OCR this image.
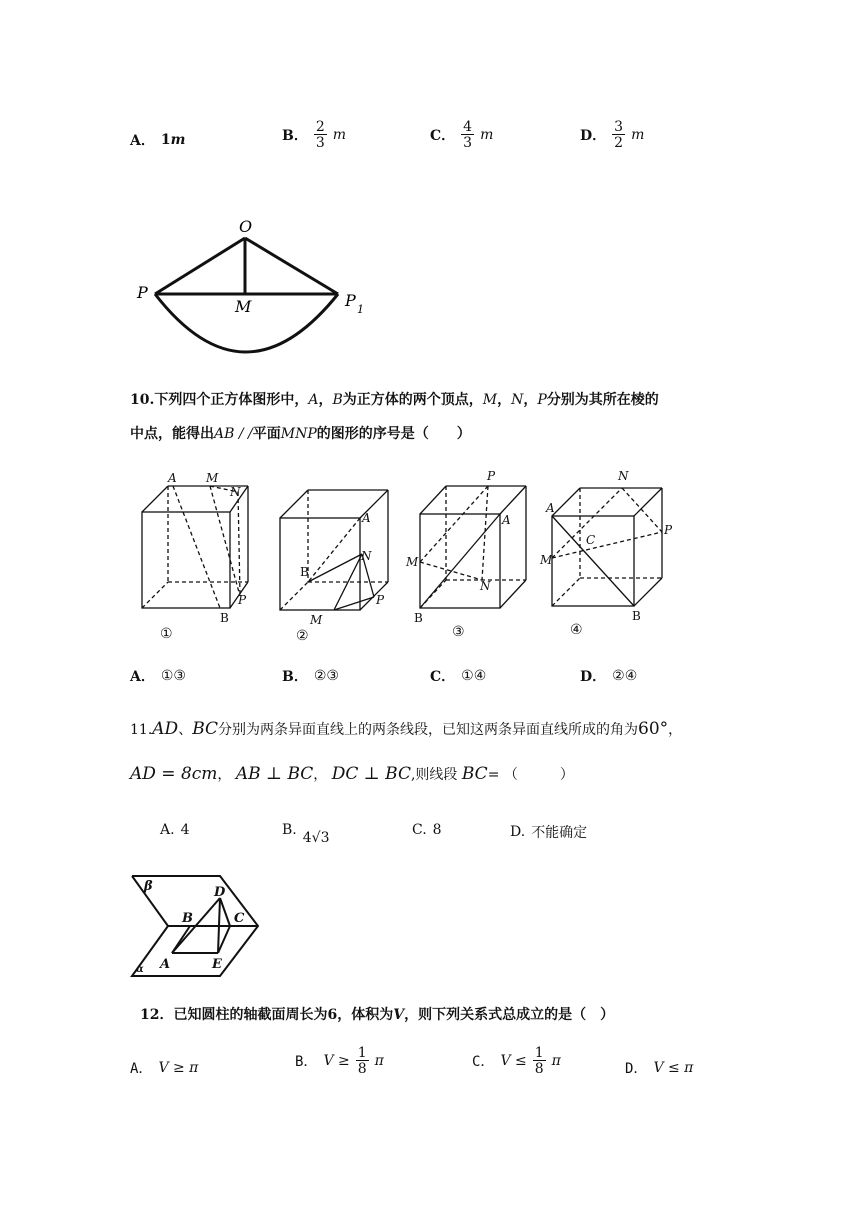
A． 1 m	B． $\frac{2}{3}$ m	C． $\frac{4}{3}$ m	D． $\frac{3}{2}$ m
O
P
M	P 1
10.下列四个正方体图形中，A，B为正方体的两个顶点，M，N，P分别为其所在棱的
中点，能得出AB / /平面MNP的图形的序号是（　　）
A M
N
P
B
①
A
B
N
P
M
②
P
A
M
N
B
③
N
A
C
P
M
B
④
A． ①③	B． ②③	C． ①④	D． ②④
11.AD、BC分别为两条异面直线上的两条线段，已知这两条异面直线所成的角为60°，
AD = 8cm， AB ⊥ BC， DC ⊥ BC,则线段 BC= （　　　）
A. 4	B. 4√3	C. 8	D. 不能确定
β
α
D
B	C
A	E
12．已知圆柱的轴截面周长为6，体积为V，则下列关系式总成立的是（　）
A． V ≥ π	B． $V \ge \frac{1}{8}$ π	C． $V \le \frac{1}{8}$ π	D． V ≤ π
